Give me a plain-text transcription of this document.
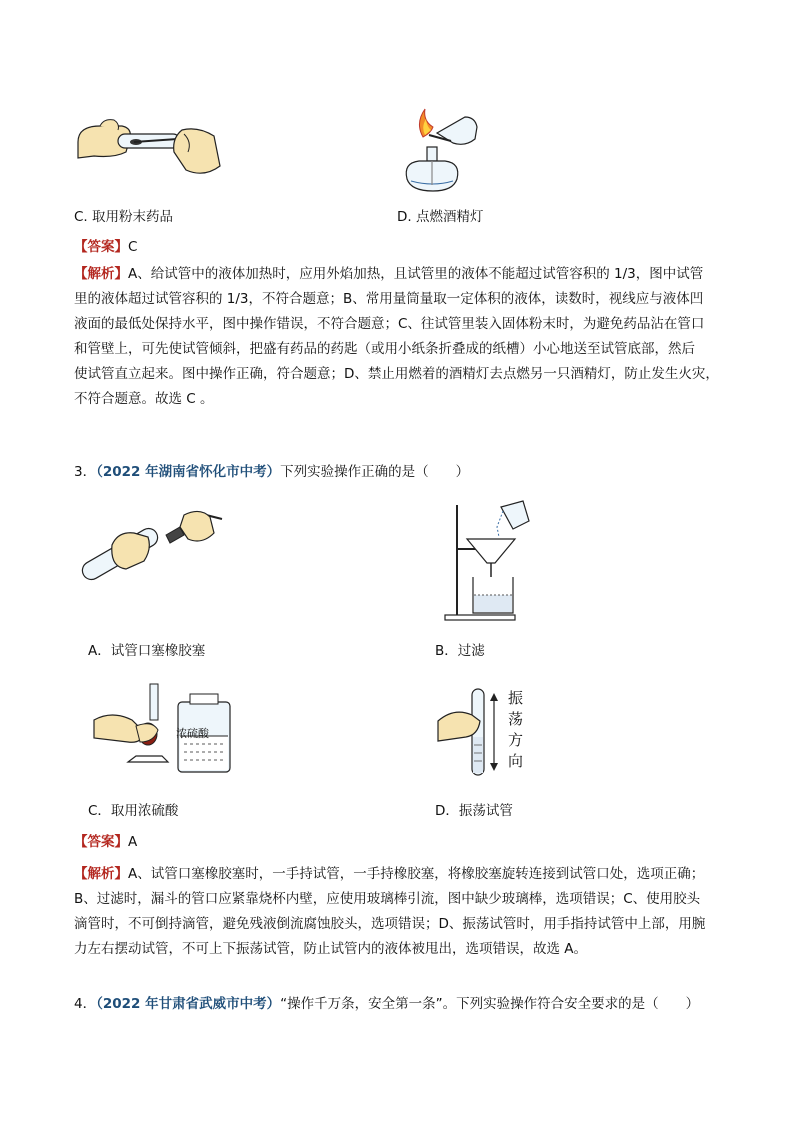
C. 取用粉末药品	D. 点燃酒精灯
【答案】C

【解析】A、给试管中的液体加热时，应用外焰加热，且试管里的液体不能超过试管容积的 1/3，图中试管

里的液体超过试管容积的 1/3，不符合题意；B、常用量筒量取一定体积的液体，读数时，视线应与液体凹

液面的最低处保持水平，图中操作错误，不符合题意；C、往试管里装入固体粉末时，为避免药品沾在管口

和管壁上，可先使试管倾斜，把盛有药品的药匙（或用小纸条折叠成的纸槽）小心地送至试管底部，然后

使试管直立起来。图中操作正确，符合题意；D、禁止用燃着的酒精灯去点燃另一只酒精灯，防止发生火灾，

不符合题意。故选 C 。

3．（2022 年湖南省怀化市中考）下列实验操作正确的是（　　）
A．试管口塞橡胶塞	B．过滤
浓硫酸
振
荡
方
向
C．取用浓硫酸	D．振荡试管
【答案】A

【解析】A、试管口塞橡胶塞时，一手持试管，一手持橡胶塞，将橡胶塞旋转连接到试管口处，选项正确；

B、过滤时，漏斗的管口应紧靠烧杯内壁，应使用玻璃棒引流，图中缺少玻璃棒，选项错误；C、使用胶头

滴管时，不可倒持滴管，避免残液倒流腐蚀胶头，选项错误；D、振荡试管时，用手指持试管中上部，用腕

力左右摆动试管，不可上下振荡试管，防止试管内的液体被甩出，选项错误，故选 A。

4．（2022 年甘肃省武威市中考）“操作千万条，安全第一条”。下列实验操作符合安全要求的是（　　）
